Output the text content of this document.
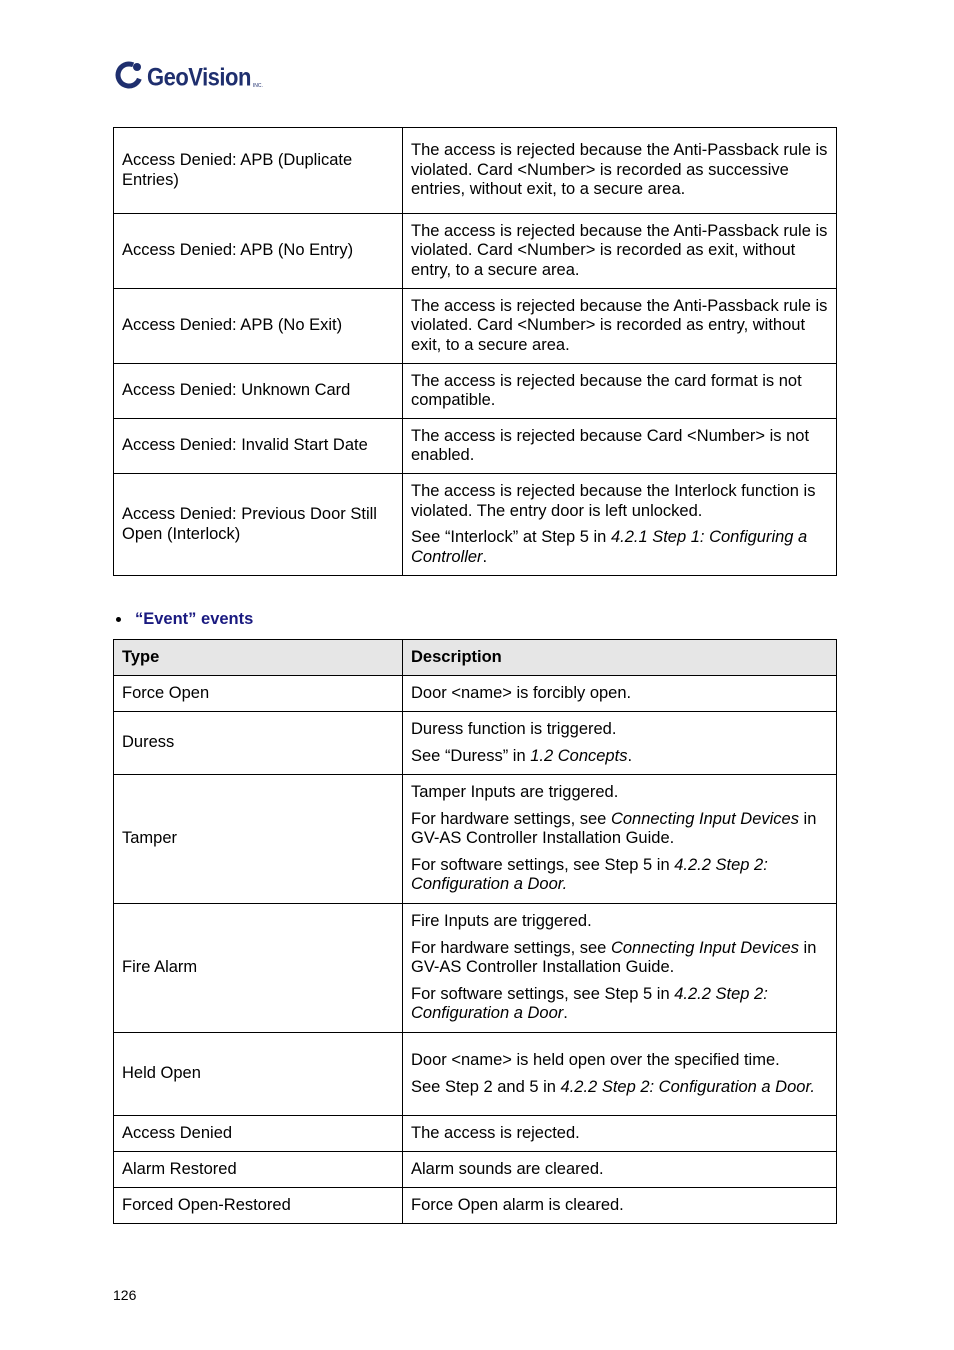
GeoVision INC.
Access Denied: APB (Duplicate Entries)	The access is rejected because the Anti-Passback rule is violated. Card <Number> is recorded as successive entries, without exit, to a secure area.

Access Denied: APB (No Entry)	The access is rejected because the Anti-Passback rule is violated. Card <Number> is recorded as exit, without entry, to a secure area.

Access Denied: APB (No Exit)	The access is rejected because the Anti-Passback rule is violated. Card <Number> is recorded as entry, without exit, to a secure area.

Access Denied: Unknown Card	The access is rejected because the card format is not compatible.

Access Denied: Invalid Start Date	The access is rejected because Card <Number> is not enabled.

Access Denied: Previous Door Still Open (Interlock)	The access is rejected because the Interlock function is violated. The entry door is left unlocked.

See “Interlock” at Step 5 in 4.2.1 Step 1: Configuring a Controller.

“Event” events
Type	Description
Force Open	Door <name> is forcibly open.

Duress	Duress function is triggered.

See “Duress” in 1.2 Concepts.

Tamper	Tamper Inputs are triggered.

For hardware settings, see Connecting Input Devices in GV-AS Controller Installation Guide.

For software settings, see Step 5 in 4.2.2 Step 2: Configuration a Door.

Fire Alarm	Fire Inputs are triggered.

For hardware settings, see Connecting Input Devices in GV-AS Controller Installation Guide.

For software settings, see Step 5 in 4.2.2 Step 2: Configuration a Door.

Held Open	Door <name> is held open over the specified time.

See Step 2 and 5 in 4.2.2 Step 2: Configuration a Door.

Access Denied	The access is rejected.

Alarm Restored	Alarm sounds are cleared.

Forced Open-Restored	Force Open alarm is cleared.

126
